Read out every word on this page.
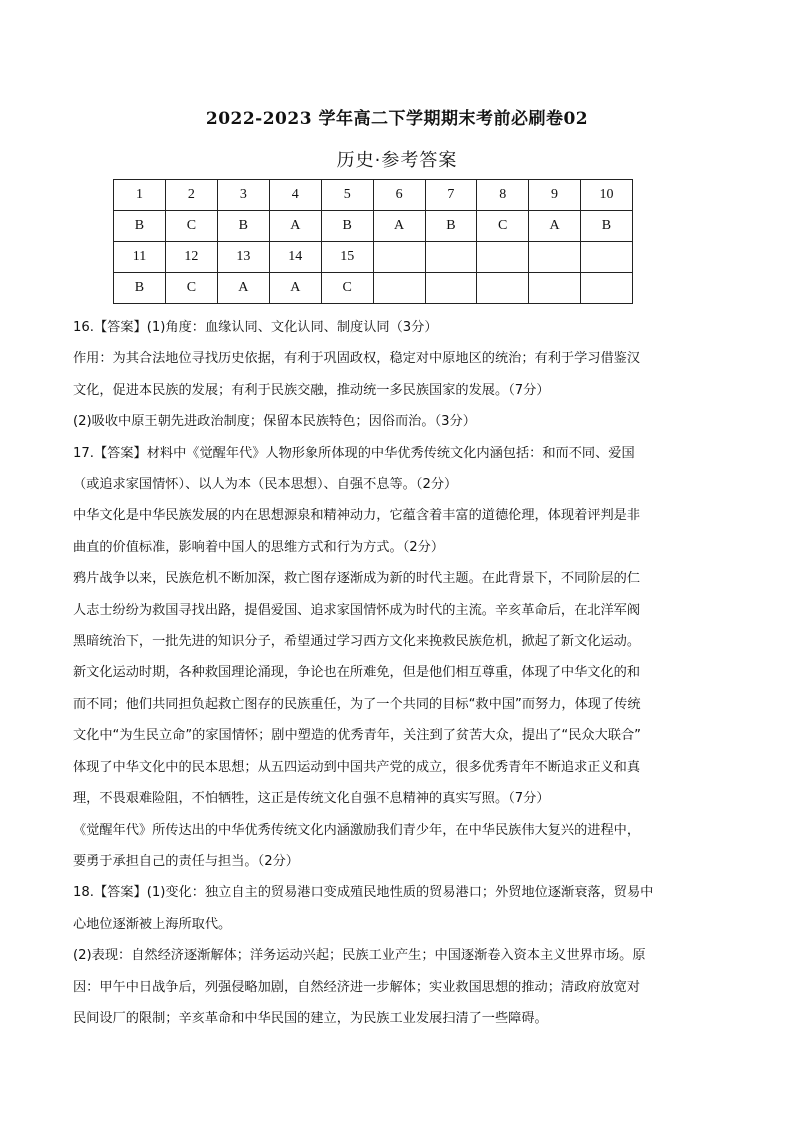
2022-2023 学年高二下学期期末考前必刷卷02
历史·参考答案
1	2	3	4	5	6	7	8	9	10
B	C	B	A	B	A	B	C	A	B
11	12	13	14	15					
B	C	A	A	C					

16.【答案】(1)角度：血缘认同、文化认同、制度认同（3分）

作用：为其合法地位寻找历史依据，有利于巩固政权，稳定对中原地区的统治；有利于学习借鉴汉

文化，促进本民族的发展；有利于民族交融，推动统一多民族国家的发展。（7分）

(2)吸收中原王朝先进政治制度；保留本民族特色；因俗而治。（3分）

17.【答案】材料中《觉醒年代》人物形象所体现的中华优秀传统文化内涵包括：和而不同、爱国

（或追求家国情怀）、以人为本（民本思想）、自强不息等。（2分）

中华文化是中华民族发展的内在思想源泉和精神动力，它蕴含着丰富的道德伦理，体现着评判是非

曲直的价值标准，影响着中国人的思维方式和行为方式。（2分）

鸦片战争以来，民族危机不断加深，救亡图存逐渐成为新的时代主题。在此背景下，不同阶层的仁

人志士纷纷为救国寻找出路，提倡爱国、追求家国情怀成为时代的主流。辛亥革命后，在北洋军阀

黑暗统治下，一批先进的知识分子，希望通过学习西方文化来挽救民族危机，掀起了新文化运动。

新文化运动时期，各种救国理论涌现，争论也在所难免，但是他们相互尊重，体现了中华文化的和

而不同；他们共同担负起救亡图存的民族重任，为了一个共同的目标“救中国”而努力，体现了传统

文化中“为生民立命”的家国情怀；剧中塑造的优秀青年，关注到了贫苦大众，提出了“民众大联合”

体现了中华文化中的民本思想；从五四运动到中国共产党的成立，很多优秀青年不断追求正义和真

理，不畏艰难险阻，不怕牺牲，这正是传统文化自强不息精神的真实写照。（7分）

《觉醒年代》所传达出的中华优秀传统文化内涵激励我们青少年，在中华民族伟大复兴的进程中，

要勇于承担自己的责任与担当。（2分）

18.【答案】(1)变化：独立自主的贸易港口变成殖民地性质的贸易港口；外贸地位逐渐衰落，贸易中

心地位逐渐被上海所取代。

(2)表现：自然经济逐渐解体；洋务运动兴起；民族工业产生；中国逐渐卷入资本主义世界市场。原

因：甲午中日战争后，列强侵略加剧，自然经济进一步解体；实业救国思想的推动；清政府放宽对

民间设厂的限制；辛亥革命和中华民国的建立，为民族工业发展扫清了一些障碍。
